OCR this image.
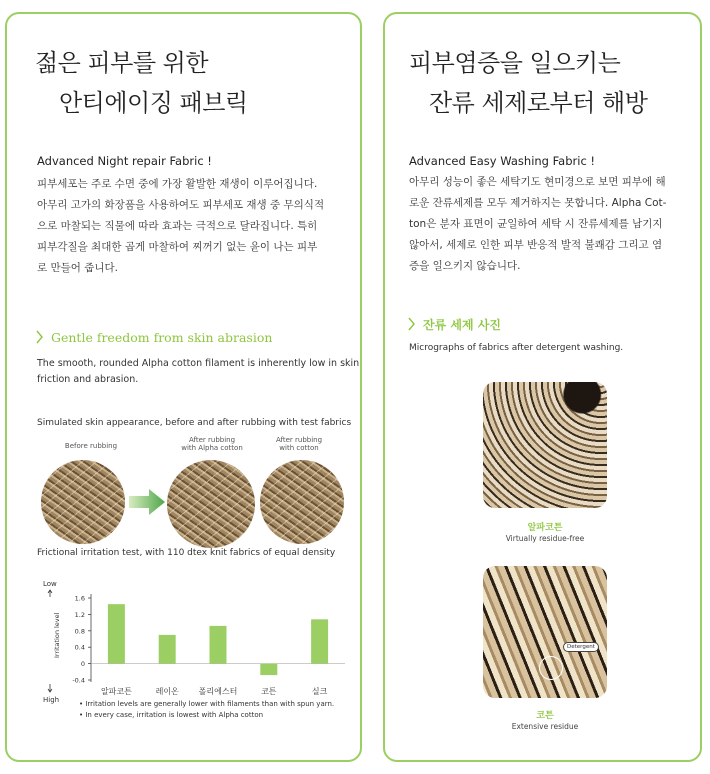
젊은 피부를 위한
안티에이징 패브릭
Advanced Night repair Fabric !
피부세포는 주로 수면 중에 가장 활발한 재생이 이루어집니다.
아무리 고가의 화장품을 사용하여도 피부세포 재생 중 무의식적
으로 마찰되는 직물에 따라 효과는 극적으로 달라집니다. 특히
피부각질을 최대한 곱게 마찰하여 찌꺼기 없는 윤이 나는 피부
로 만들어 줍니다.
Gentle freedom from skin abrasion
The smooth, rounded Alpha cotton filament is inherently low in skin
friction and abrasion.
Simulated skin appearance, before and after rubbing with test fabrics
Before rubbing
After rubbing
with Alpha cotton
After rubbing
with cotton
Frictional irritation test, with 110 dtex knit fabrics of equal density
Low
High
Irritation level
1.6
1.2
0.8
0.4
0
-0.4
알파코튼	레이온 폴리에스터	코튼	실크
• Irritation levels are generally lower with filaments than with spun yarn.
• In every case, irritation is lowest with Alpha cotton
피부염증을 일으키는
잔류 세제로부터 해방
Advanced Easy Washing Fabric !
아무리 성능이 좋은 세탁기도 현미경으로 보면 피부에 해
로운 잔류세제를 모두 제거하지는 못합니다. Alpha Cot-
ton은 분자 표면이 균일하여 세탁 시 잔류세제를 남기지
않아서, 세제로 인한 피부 반응적 발적 불쾌감 그리고 염
증을 일으키지 않습니다.
잔류 세제 사진
Micrographs of fabrics after detergent washing.
알파코튼
Virtually residue-free
Detergent
코튼
Extensive residue
